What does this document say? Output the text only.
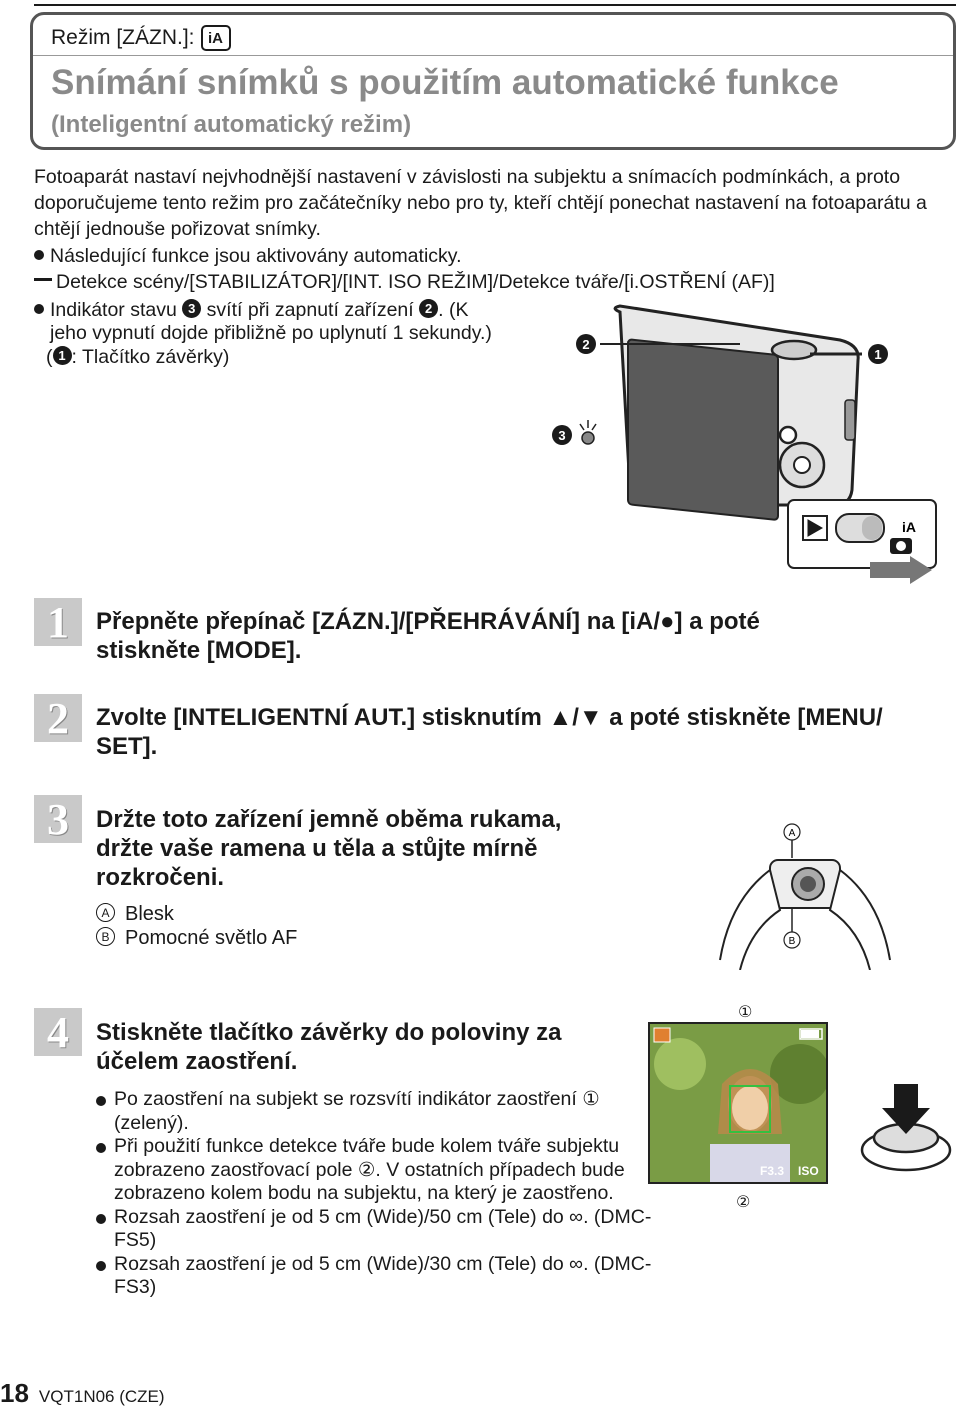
Režim [ZÁZN.]: iA
Snímání snímků s použitím automatické funkce
(Inteligentní automatický režim)
Fotoaparát nastaví nejvhodnější nastavení v závislosti na subjektu a snímacích podmínkách, a proto doporučujeme tento režim pro začátečníky nebo pro ty, kteří chtějí ponechat nastavení na fotoaparátu a chtějí jednouše pořizovat snímky.
Následující funkce jsou aktivovány automaticky.
Detekce scény/[STABILIZÁTOR]/[INT. ISO REŽIM]/Detekce tváře/[i.OSTŘENÍ (AF)]
Indikátor stavu 3 svítí při zapnutí zařízení 2 . (K
jeho vypnutí dojde přibližně po uplynutí 1 sekundy.)
( 1 : Tlačítko závěrky)	1
2
3
iA
1	Přepněte přepínač [ZÁZN.]/[PŘEHRÁVÁNÍ] na [iA/●] a poté
stiskněte [MODE].
2	Zvolte [INTELIGENTNÍ AUT.] stisknutím ▲/▼ a poté stiskněte [MENU/
SET].
3	Držte toto zařízení jemně oběma rukama,
držte vaše ramena u těla a stůjte mírně
rozkročeni.
A Blesk
B Pomocné světlo AF
A
B
4	Stiskněte tlačítko závěrky do poloviny za
účelem zaostření.
Po zaostření na subjekt se rozsvítí indikátor zaostření ① (zelený).
Při použití funkce detekce tváře bude kolem tváře subjektu zobrazeno zaostřovací pole ②. V ostatních případech bude zobrazeno kolem bodu na subjektu, na který je zaostřeno.
Rozsah zaostření je od 5 cm (Wide)/50 cm (Tele) do ∞. (DMC-FS5)
Rozsah zaostření je od 5 cm (Wide)/30 cm (Tele) do ∞. (DMC-FS3)
①
F3.3 ISO
②
18 VQT1N06 (CZE)
